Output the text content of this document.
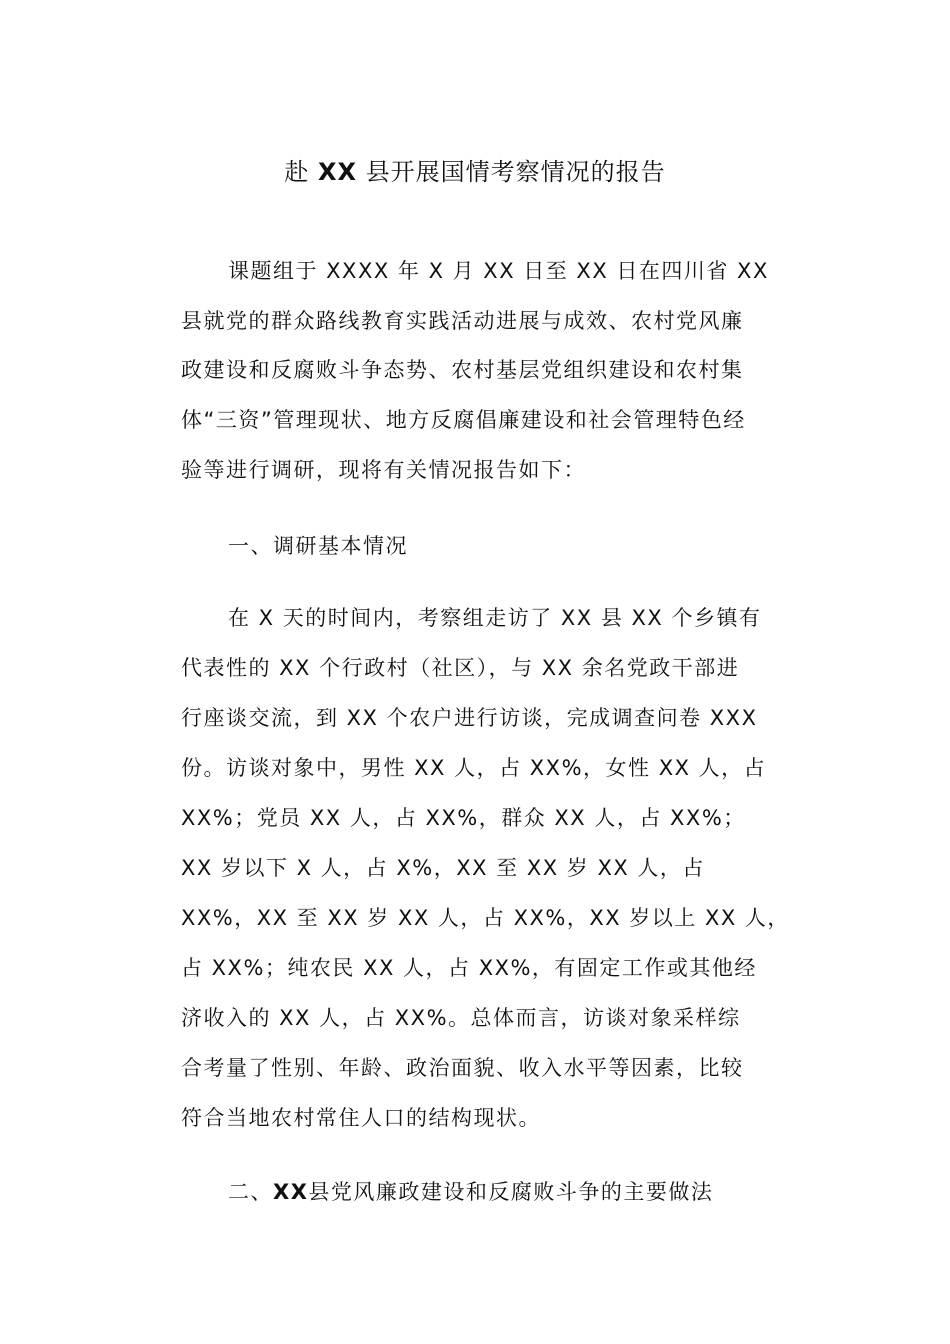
赴 XX 县开展国情考察情况的报告

课题组于 XXXX 年 X 月 XX 日至 XX 日在四川省 XX

县就党的群众路线教育实践活动进展与成效、农村党风廉

政建设和反腐败斗争态势、农村基层党组织建设和农村集

体“三资”管理现状、地方反腐倡廉建设和社会管理特色经

验等进行调研，现将有关情况报告如下：

一、调研基本情况

在 X 天的时间内，考察组走访了 XX 县 XX 个乡镇有

代表性的 XX 个行政村（社区），与 XX 余名党政干部进

行座谈交流，到 XX 个农户进行访谈，完成调查问卷 XXX

份。访谈对象中，男性 XX 人，占 XX%，女性 XX 人，占

XX%；党员 XX 人，占 XX%，群众 XX 人，占 XX%；

XX 岁以下 X 人，占 X%，XX 至 XX 岁 XX 人，占

XX%，XX 至 XX 岁 XX 人，占 XX%，XX 岁以上 XX 人，

占 XX%；纯农民 XX 人，占 XX%，有固定工作或其他经

济收入的 XX 人，占 XX%。总体而言，访谈对象采样综

合考量了性别、年龄、政治面貌、收入水平等因素，比较

符合当地农村常住人口的结构现状。

二、XX县党风廉政建设和反腐败斗争的主要做法
